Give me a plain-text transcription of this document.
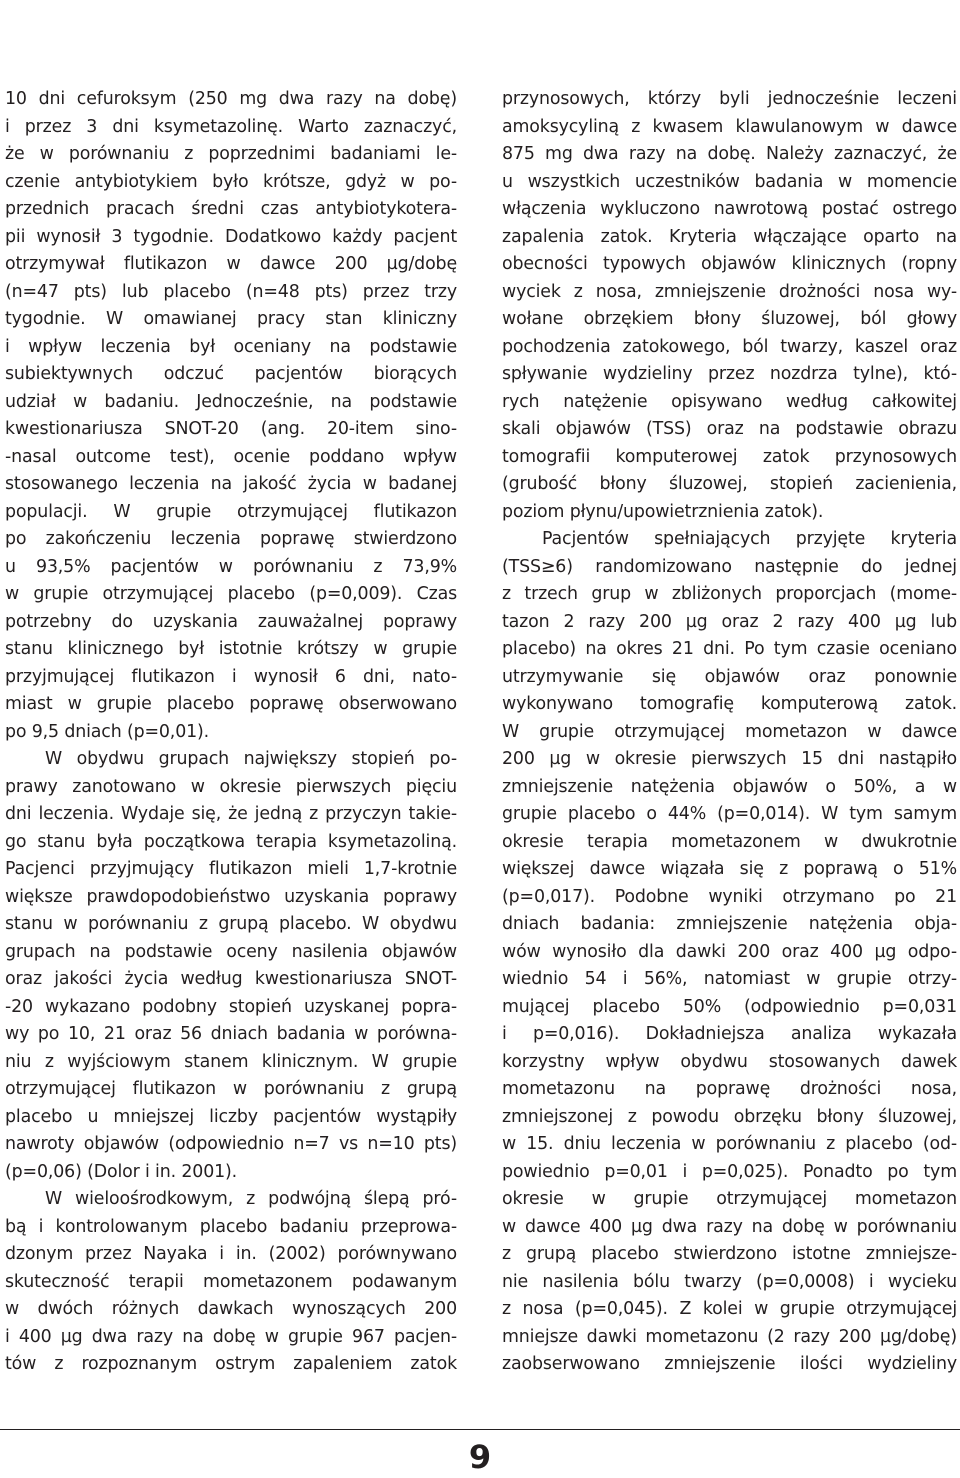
10 dni cefuroksym (250 mg dwa razy na dobę)
i przez 3 dni ksymetazolinę. Warto zaznaczyć,
że w porównaniu z poprzednimi badaniami le-
czenie antybiotykiem było krótsze, gdyż w po-
przednich pracach średni czas antybiotykotera-
pii wynosił 3 tygodnie. Dodatkowo każdy pacjent
otrzymywał flutikazon w dawce 200 µg/dobę
(n=47 pts) lub placebo (n=48 pts) przez trzy
tygodnie. W omawianej pracy stan kliniczny
i wpływ leczenia był oceniany na podstawie
subiektywnych odczuć pacjentów biorących
udział w badaniu. Jednocześnie, na podstawie
kwestionariusza SNOT-20 (ang. 20-item sino-
-nasal outcome test), ocenie poddano wpływ
stosowanego leczenia na jakość życia w badanej
populacji. W grupie otrzymującej flutikazon
po zakończeniu leczenia poprawę stwierdzono
u 93,5% pacjentów w porównaniu z 73,9%
w grupie otrzymującej placebo (p=0,009). Czas
potrzebny do uzyskania zauważalnej poprawy
stanu klinicznego był istotnie krótszy w grupie
przyjmującej flutikazon i wynosił 6 dni, nato-
miast w grupie placebo poprawę obserwowano
po 9,5 dniach (p=0,01).
W obydwu grupach największy stopień po-
prawy zanotowano w okresie pierwszych pięciu
dni leczenia. Wydaje się, że jedną z przyczyn takie-
go stanu była początkowa terapia ksymetazoliną.
Pacjenci przyjmujący flutikazon mieli 1,7-krotnie
większe prawdopodobieństwo uzyskania poprawy
stanu w porównaniu z grupą placebo. W obydwu
grupach na podstawie oceny nasilenia objawów
oraz jakości życia według kwestionariusza SNOT-
-20 wykazano podobny stopień uzyskanej popra-
wy po 10, 21 oraz 56 dniach badania w porówna-
niu z wyjściowym stanem klinicznym. W grupie
otrzymującej flutikazon w porównaniu z grupą
placebo u mniejszej liczby pacjentów wystąpiły
nawroty objawów (odpowiednio n=7 vs n=10 pts)
(p=0,06) (Dolor i in. 2001).
W wieloośrodkowym, z podwójną ślepą pró-
bą i kontrolowanym placebo badaniu przeprowa-
dzonym przez Nayaka i in. (2002) porównywano
skuteczność terapii mometazonem podawanym
w dwóch różnych dawkach wynoszących 200
i 400 µg dwa razy na dobę w grupie 967 pacjen-
tów z rozpoznanym ostrym zapaleniem zatok
przynosowych, którzy byli jednocześnie leczeni
amoksycyliną z kwasem klawulanowym w dawce
875 mg dwa razy na dobę. Należy zaznaczyć, że
u wszystkich uczestników badania w momencie
włączenia wykluczono nawrotową postać ostrego
zapalenia zatok. Kryteria włączające oparto na
obecności typowych objawów klinicznych (ropny
wyciek z nosa, zmniejszenie drożności nosa wy-
wołane obrzękiem błony śluzowej, ból głowy
pochodzenia zatokowego, ból twarzy, kaszel oraz
spływanie wydzieliny przez nozdrza tylne), któ-
rych natężenie opisywano według całkowitej
skali objawów (TSS) oraz na podstawie obrazu
tomografii komputerowej zatok przynosowych
(grubość błony śluzowej, stopień zacienienia,
poziom płynu/upowietrznienia zatok).
Pacjentów spełniających przyjęte kryteria
(TSS≥6) randomizowano następnie do jednej
z trzech grup w zbliżonych proporcjach (mome-
tazon 2 razy 200 µg oraz 2 razy 400 µg lub
placebo) na okres 21 dni. Po tym czasie oceniano
utrzymywanie się objawów oraz ponownie
wykonywano tomografię komputerową zatok.
W grupie otrzymującej mometazon w dawce
200 µg w okresie pierwszych 15 dni nastąpiło
zmniejszenie natężenia objawów o 50%, a w
grupie placebo o 44% (p=0,014). W tym samym
okresie terapia mometazonem w dwukrotnie
większej dawce wiązała się z poprawą o 51%
(p=0,017). Podobne wyniki otrzymano po 21
dniach badania: zmniejszenie natężenia obja-
wów wynosiło dla dawki 200 oraz 400 µg odpo-
wiednio 54 i 56%, natomiast w grupie otrzy-
mującej placebo 50% (odpowiednio p=0,031
i p=0,016). Dokładniejsza analiza wykazała
korzystny wpływ obydwu stosowanych dawek
mometazonu na poprawę drożności nosa,
zmniejszonej z powodu obrzęku błony śluzowej,
w 15. dniu leczenia w porównaniu z placebo (od-
powiednio p=0,01 i p=0,025). Ponadto po tym
okresie w grupie otrzymującej mometazon
w dawce 400 µg dwa razy na dobę w porównaniu
z grupą placebo stwierdzono istotne zmniejsze-
nie nasilenia bólu twarzy (p=0,0008) i wycieku
z nosa (p=0,045). Z kolei w grupie otrzymującej
mniejsze dawki mometazonu (2 razy 200 µg/dobę)
zaobserwowano zmniejszenie ilości wydzieliny
9
